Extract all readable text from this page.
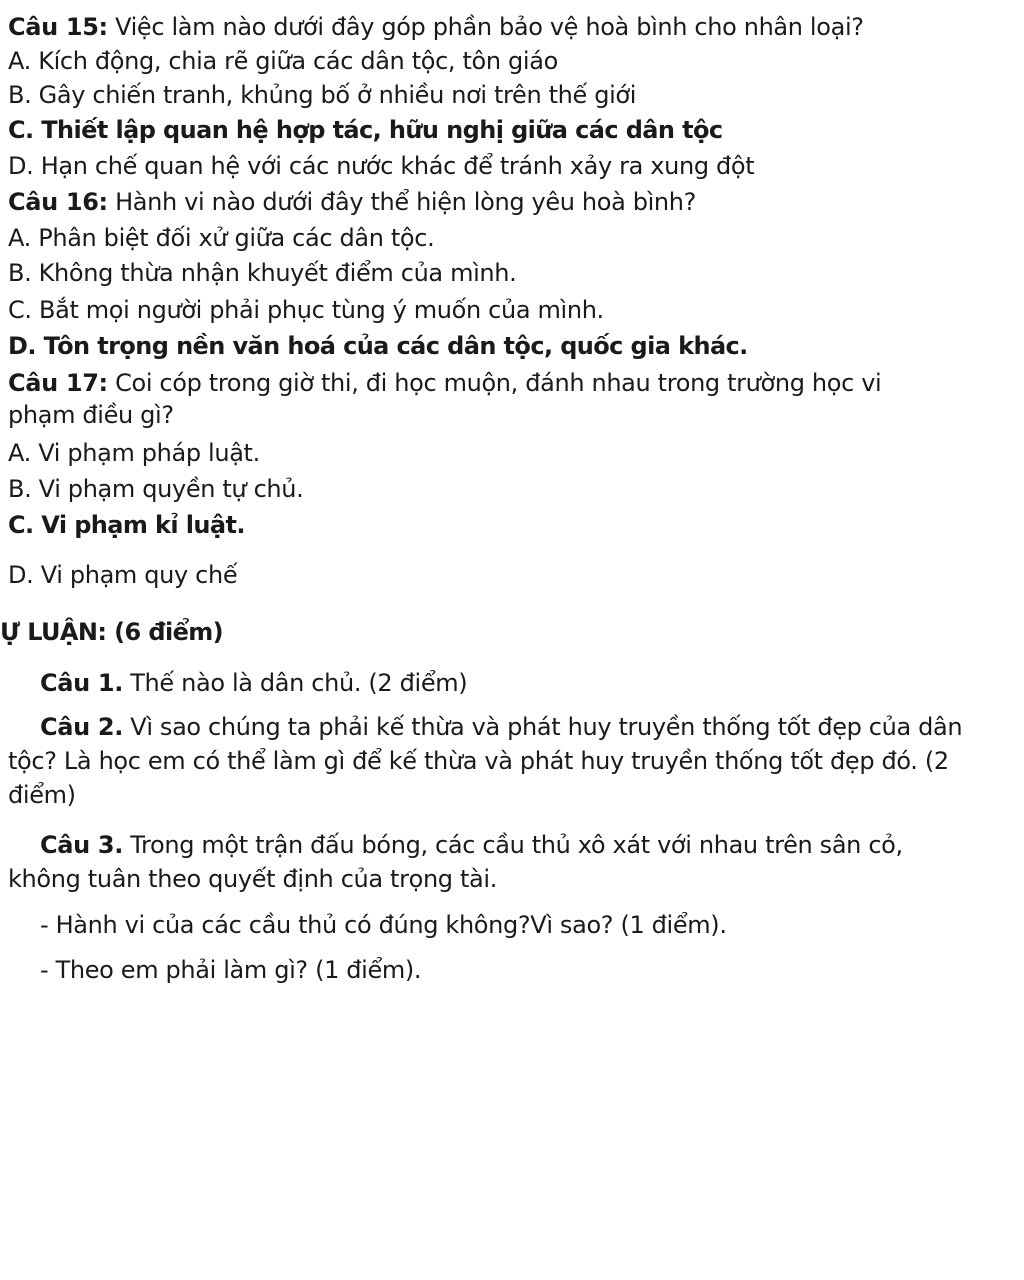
Câu 15: Việc làm nào dưới đây góp phần bảo vệ hoà bình cho nhân loại?
A. Kích động, chia rẽ giữa các dân tộc, tôn giáo
B. Gây chiến tranh, khủng bố ở nhiều nơi trên thế giới
C. Thiết lập quan hệ hợp tác, hữu nghị giữa các dân tộc
D. Hạn chế quan hệ với các nước khác để tránh xảy ra xung đột
Câu 16: Hành vi nào dưới đây thể hiện lòng yêu hoà bình?
A. Phân biệt đối xử giữa các dân tộc.
B. Không thừa nhận khuyết điểm của mình.
C. Bắt mọi người phải phục tùng ý muốn của mình.
D. Tôn trọng nền văn hoá của các dân tộc, quốc gia khác.
Câu 17: Coi cóp trong giờ thi, đi học muộn, đánh nhau trong trường học vi
phạm điều gì?
A. Vi phạm pháp luật.
B. Vi phạm quyền tự chủ.
C. Vi phạm kỉ luật.
D. Vi phạm quy chế
Ự LUẬN: (6 điểm)
Câu 1. Thế nào là dân chủ. (2 điểm)
Câu 2. Vì sao chúng ta phải kế thừa và phát huy truyền thống tốt đẹp của dân
tộc? Là học em có thể làm gì để kế thừa và phát huy truyền thống tốt đẹp đó. (2
điểm)
Câu 3. Trong một trận đấu bóng, các cầu thủ xô xát với nhau trên sân cỏ,
không tuân theo quyết định của trọng tài.
- Hành vi của các cầu thủ có đúng không?Vì sao? (1 điểm).
- Theo em phải làm gì? (1 điểm).
